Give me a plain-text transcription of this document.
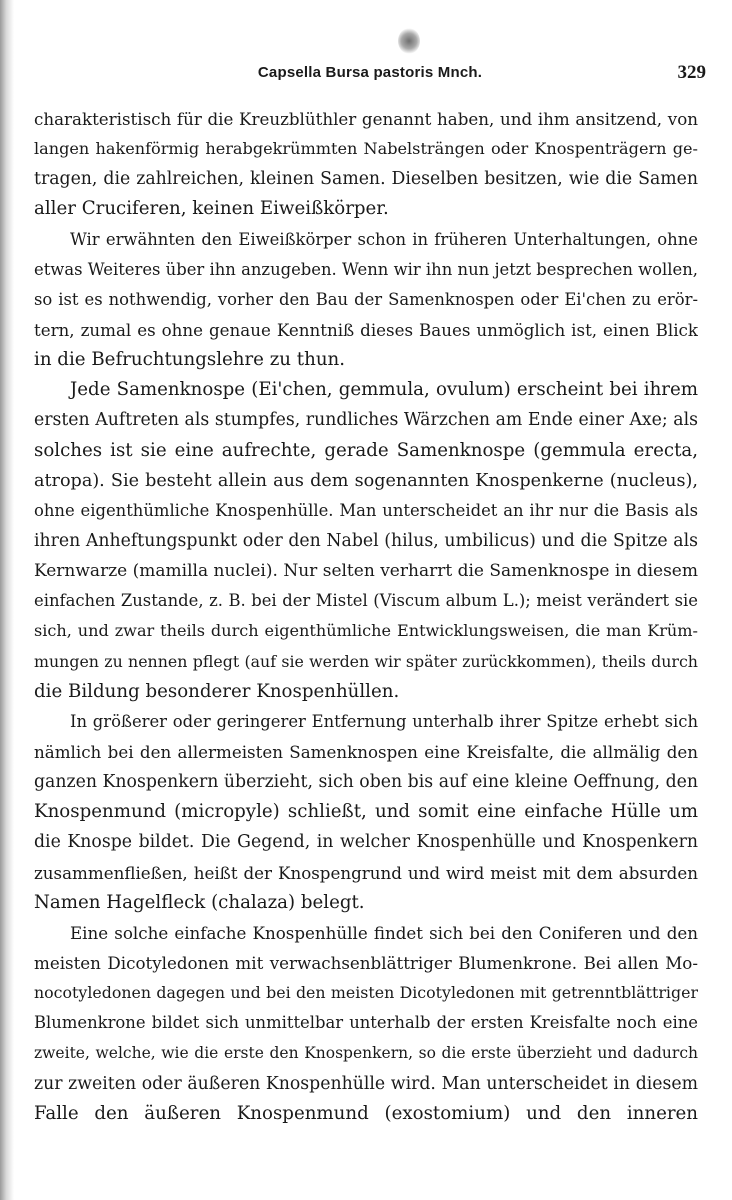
Capsella Bursa pastoris Mnch.	329
charakteristisch für die Kreuzblüthler genannt haben, und ihm ansitzend, von
langen hakenförmig herabgekrümmten Nabelsträngen oder Knospenträgern ge-
tragen, die zahlreichen, kleinen Samen. Dieselben besitzen, wie die Samen
aller Cruciferen, keinen Eiweißkörper.
Wir erwähnten den Eiweißkörper schon in früheren Unterhaltungen, ohne
etwas Weiteres über ihn anzugeben. Wenn wir ihn nun jetzt besprechen wollen,
so ist es nothwendig, vorher den Bau der Samenknospen oder Ei'chen zu erör-
tern, zumal es ohne genaue Kenntniß dieses Baues unmöglich ist, einen Blick
in die Befruchtungslehre zu thun.
Jede Samenknospe (Ei'chen, gemmula, ovulum) erscheint bei ihrem
ersten Auftreten als stumpfes, rundliches Wärzchen am Ende einer Axe; als
solches ist sie eine aufrechte, gerade Samenknospe (gemmula erecta,
atropa). Sie besteht allein aus dem sogenannten Knospenkerne (nucleus),
ohne eigenthümliche Knospenhülle. Man unterscheidet an ihr nur die Basis als
ihren Anheftungspunkt oder den Nabel (hilus, umbilicus) und die Spitze als
Kernwarze (mamilla nuclei). Nur selten verharrt die Samenknospe in diesem
einfachen Zustande, z. B. bei der Mistel (Viscum album L.); meist verändert sie
sich, und zwar theils durch eigenthümliche Entwicklungsweisen, die man Krüm-
mungen zu nennen pflegt (auf sie werden wir später zurückkommen), theils durch
die Bildung besonderer Knospenhüllen.
In größerer oder geringerer Entfernung unterhalb ihrer Spitze erhebt sich
nämlich bei den allermeisten Samenknospen eine Kreisfalte, die allmälig den
ganzen Knospenkern überzieht, sich oben bis auf eine kleine Oeffnung, den
Knospenmund (micropyle) schließt, und somit eine einfache Hülle um
die Knospe bildet. Die Gegend, in welcher Knospenhülle und Knospenkern
zusammenfließen, heißt der Knospengrund und wird meist mit dem absurden
Namen Hagelfleck (chalaza) belegt.
Eine solche einfache Knospenhülle findet sich bei den Coniferen und den
meisten Dicotyledonen mit verwachsenblättriger Blumenkrone. Bei allen Mo-
nocotyledonen dagegen und bei den meisten Dicotyledonen mit getrenntblättriger
Blumenkrone bildet sich unmittelbar unterhalb der ersten Kreisfalte noch eine
zweite, welche, wie die erste den Knospenkern, so die erste überzieht und dadurch
zur zweiten oder äußeren Knospenhülle wird. Man unterscheidet in diesem
Falle den äußeren Knospenmund (exostomium) und den inneren
